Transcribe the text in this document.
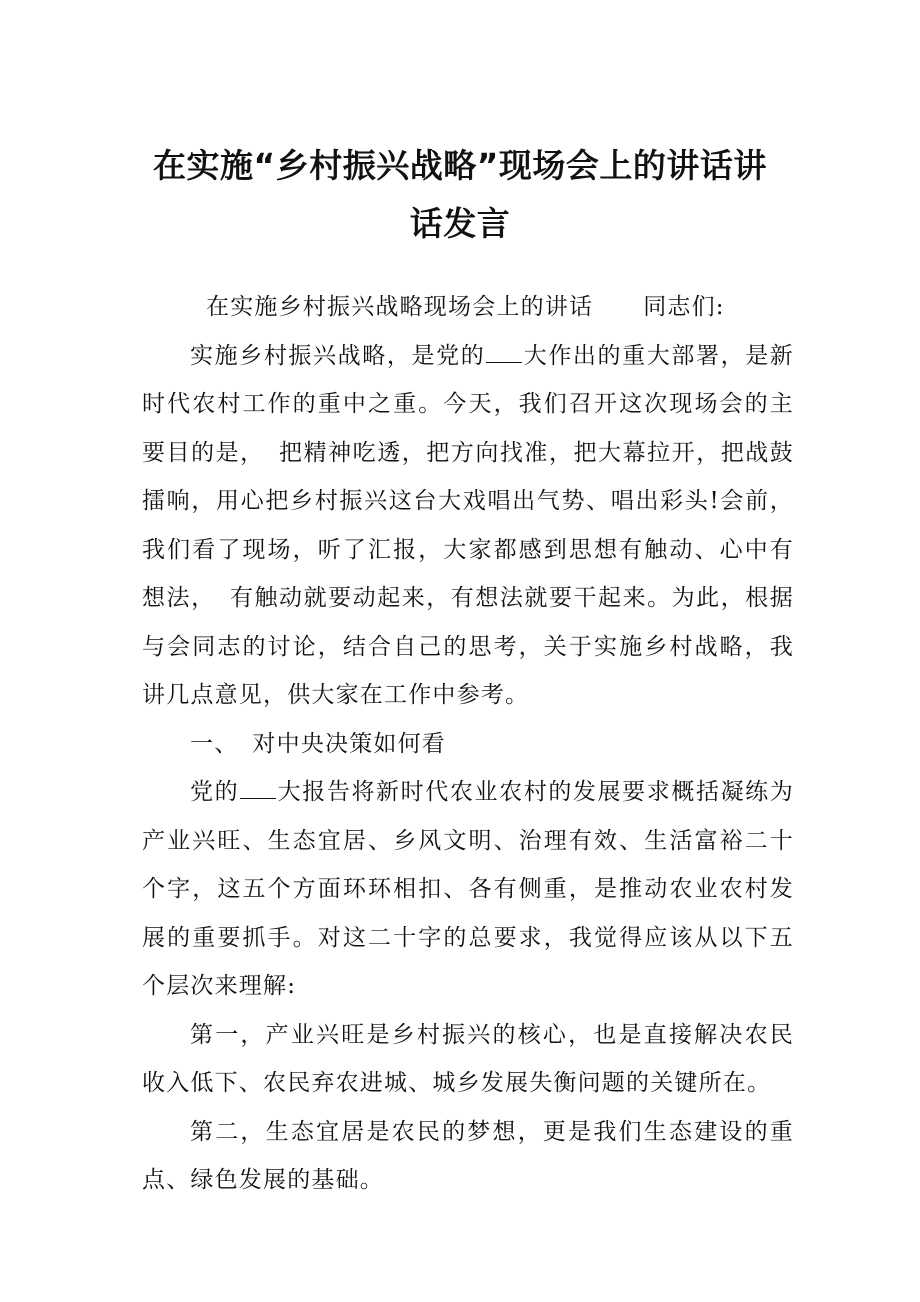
在实施“乡村振兴战略”现场会上的讲话讲
话发言

在实施乡村振兴战略现场会上的讲话 同志们:

实施乡村振兴战略，是党的 大作出的重大部署，是新时代农村工作的重中之重。今天，我们召开这次现场会的主要目的是， 把精神吃透，把方向找准，把大幕拉开，把战鼓擂响，用心把乡村振兴这台大戏唱出气势、唱出彩头!会前，我们看了现场，听了汇报，大家都感到思想有触动、心中有想法， 有触动就要动起来，有想法就要干起来。为此，根据与会同志的讨论，结合自己的思考，关于实施乡村战略，我讲几点意见，供大家在工作中参考。

一、 对中央决策如何看

党的 大报告将新时代农业农村的发展要求概括凝练为产业兴旺、生态宜居、乡风文明、治理有效、生活富裕二十个字，这五个方面环环相扣、各有侧重，是推动农业农村发展的重要抓手。对这二十字的总要求，我觉得应该从以下五个层次来理解:

第一，产业兴旺是乡村振兴的核心，也是直接解决农民收入低下、农民弃农进城、城乡发展失衡问题的关键所在。

第二，生态宜居是农民的梦想，更是我们生态建设的重点、绿色发展的基础。
